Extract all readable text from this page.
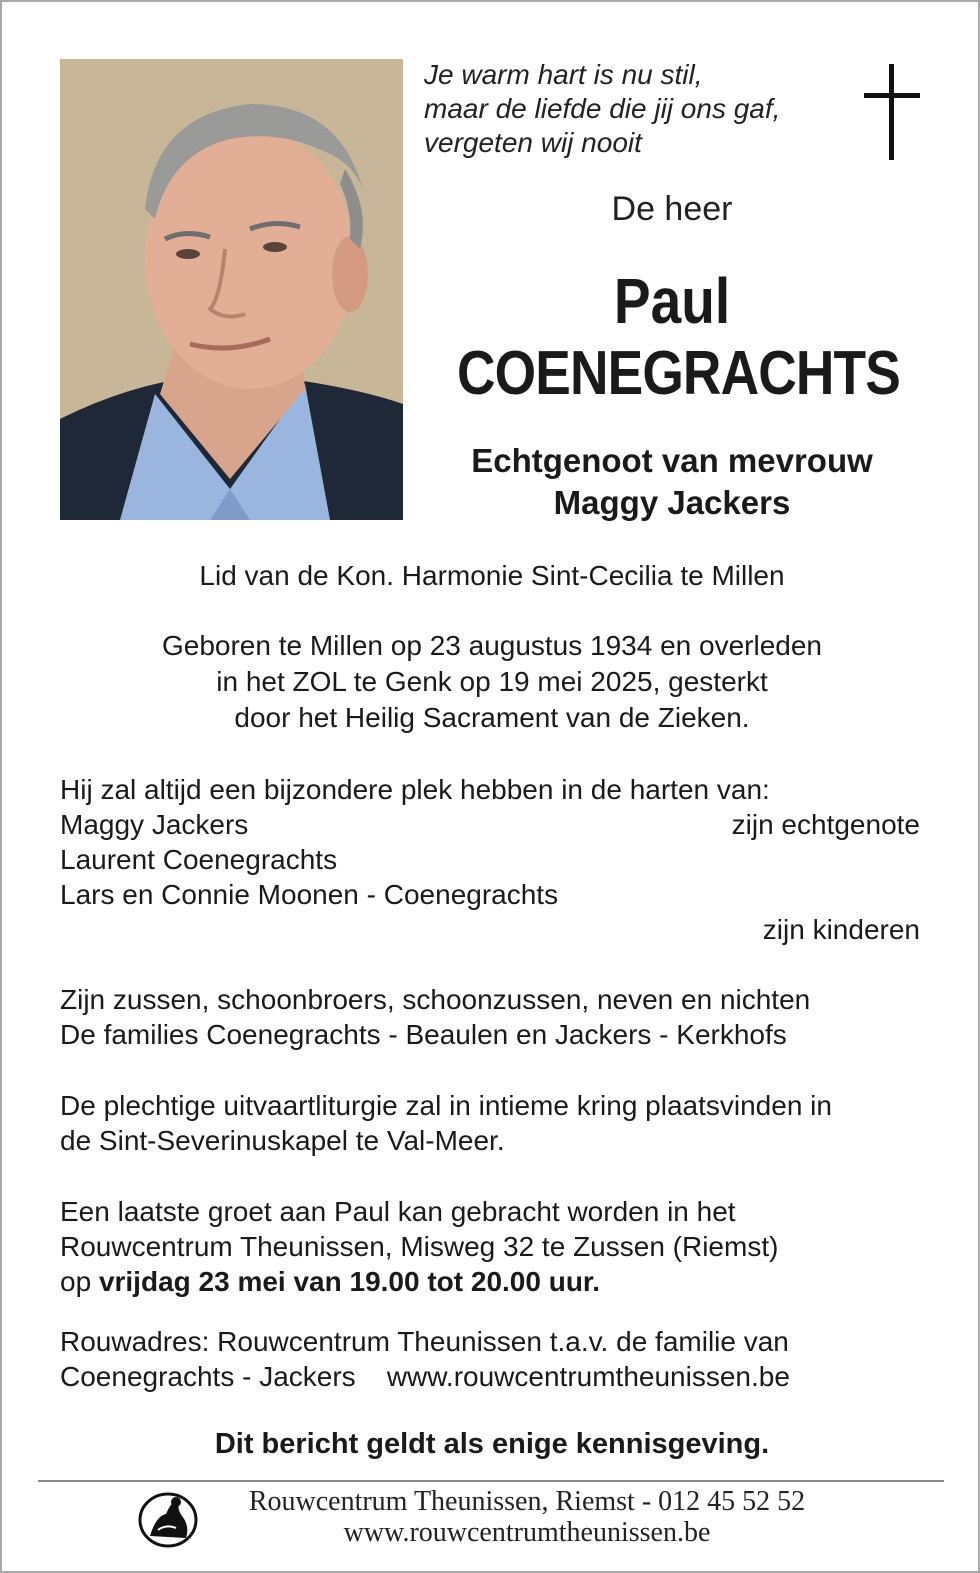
Je warm hart is nu stil,
maar de liefde die jij ons gaf,
vergeten wij nooit
De heer
Paul
COENEGRACHTS
Echtgenoot van mevrouw
Maggy Jackers
Lid van de Kon. Harmonie Sint-Cecilia te Millen
Geboren te Millen op 23 augustus 1934 en overleden
in het ZOL te Genk op 19 mei 2025, gesterkt
door het Heilig Sacrament van de Zieken.
Hij zal altijd een bijzondere plek hebben in de harten van:
Maggy Jackers	zijn echtgenote
Laurent Coenegrachts
Lars en Connie Moonen - Coenegrachts
zijn kinderen
Zijn zussen, schoonbroers, schoonzussen, neven en nichten
De families Coenegrachts - Beaulen en Jackers - Kerkhofs
De plechtige uitvaartliturgie zal in intieme kring plaatsvinden in
de Sint-Severinuskapel te Val-Meer.
Een laatste groet aan Paul kan gebracht worden in het
Rouwcentrum Theunissen, Misweg 32 te Zussen (Riemst)
op vrijdag 23 mei van 19.00 tot 20.00 uur.
Rouwadres: Rouwcentrum Theunissen t.a.v. de familie van
Coenegrachts - Jackers www.rouwcentrumtheunissen.be
Dit bericht geldt als enige kennisgeving.
Rouwcentrum Theunissen, Riemst - 012 45 52 52
www.rouwcentrumtheunissen.be
